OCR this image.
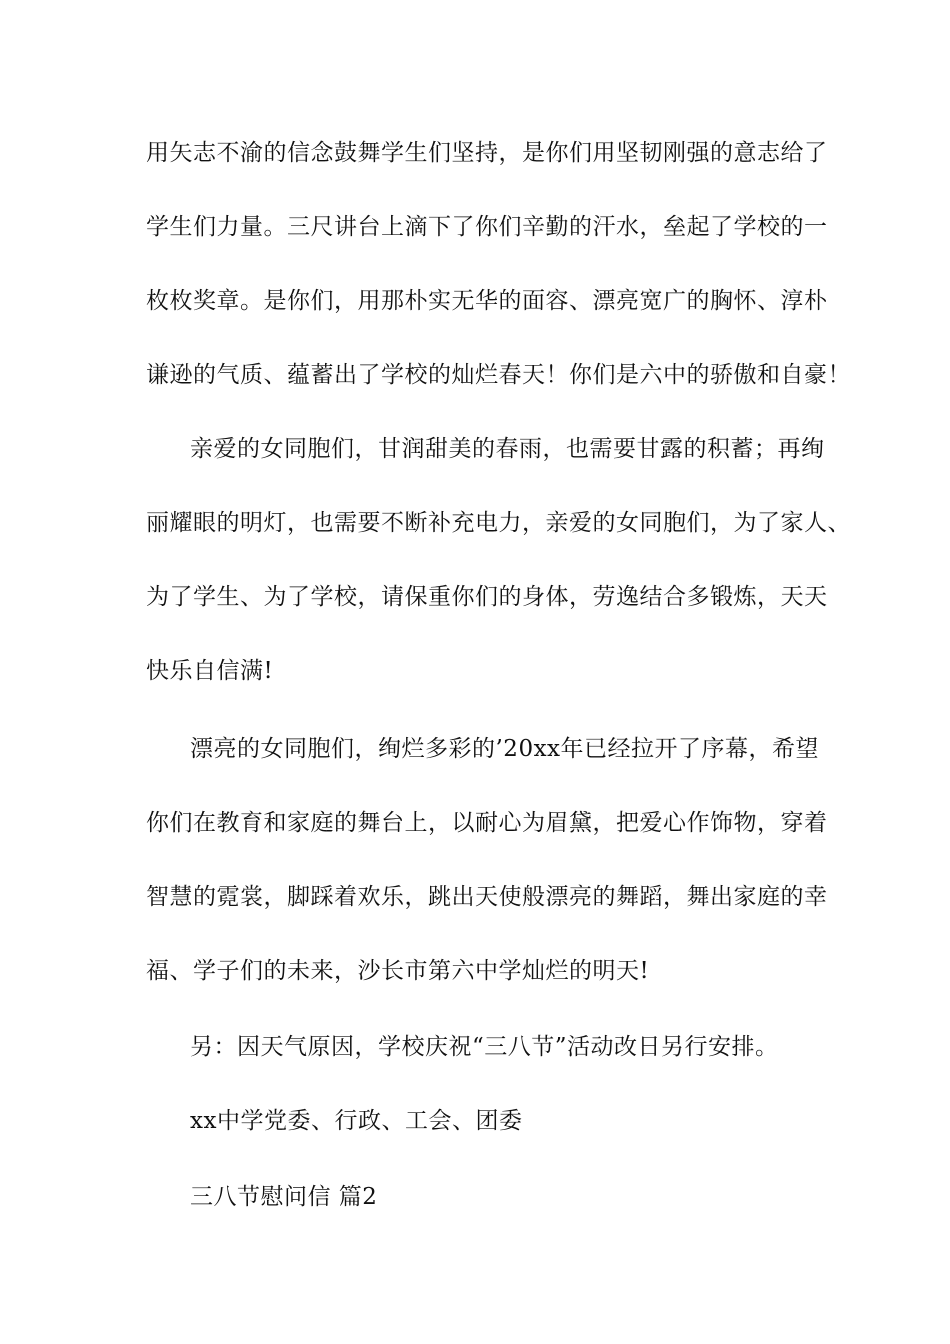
用矢志不渝的信念鼓舞学生们坚持，是你们用坚韧刚强的意志给了
学生们力量。三尺讲台上滴下了你们辛勤的汗水，垒起了学校的一
枚枚奖章。是你们，用那朴实无华的面容、漂亮宽广的胸怀、淳朴
谦逊的气质、蕴蓄出了学校的灿烂春天！你们是六中的骄傲和自豪！
亲爱的女同胞们，甘润甜美的春雨，也需要甘露的积蓄；再绚
丽耀眼的明灯，也需要不断补充电力，亲爱的女同胞们，为了家人、
为了学生、为了学校，请保重你们的身体，劳逸结合多锻炼，天天
快乐自信满!
漂亮的女同胞们，绚烂多彩的’20xx年已经拉开了序幕，希望
你们在教育和家庭的舞台上，以耐心为眉黛，把爱心作饰物，穿着
智慧的霓裳，脚踩着欢乐，跳出天使般漂亮的舞蹈，舞出家庭的幸
福、学子们的未来，沙长市第六中学灿烂的明天!
另：因天气原因，学校庆祝“三八节”活动改日另行安排。
xx中学党委、行政、工会、团委
三八节慰问信 篇2
